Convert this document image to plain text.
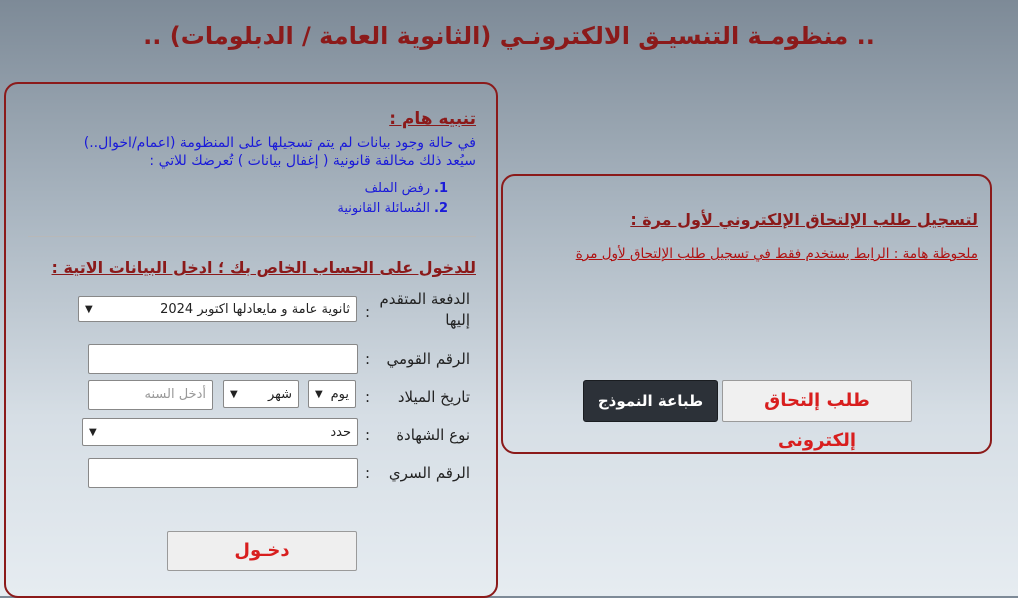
.. منظومـة التنسيـق الالكترونـي (الثانوية العامة / الدبلومات) ..
تنبيه هام :
في حالة وجود بيانات لم يتم تسجيلها على المنظومة (اعمام/اخوال..)
سيُعد ذلك مخالفة قانونية ( إغفال بيانات ) تُعرضك للاتي :
1.رفض الملف
2.المُسائلة القانونية
للدخول على الحساب الخاص بك ؛ ادخل البيانات الاتية :
الدفعة المتقدم إليها
:
ثانوية عامة و مايعادلها اكتوبر 2024
▼
الرقم القومي
:
تاريخ الميلاد
:
يوم
▼
شهر
▼
أدخل السنه
نوع الشهادة
:
حدد
▼
الرقم السري
:
دخـول
لتسجيل طلب الإلتحاق الإلكتروني لأول مرة :
ملحوظة هامة : الرابط يستخدم فقط في تسجيل طلب الإلتحاق لأول مرة
طلب إلتحاق إلكترونى
طباعة النموذج
